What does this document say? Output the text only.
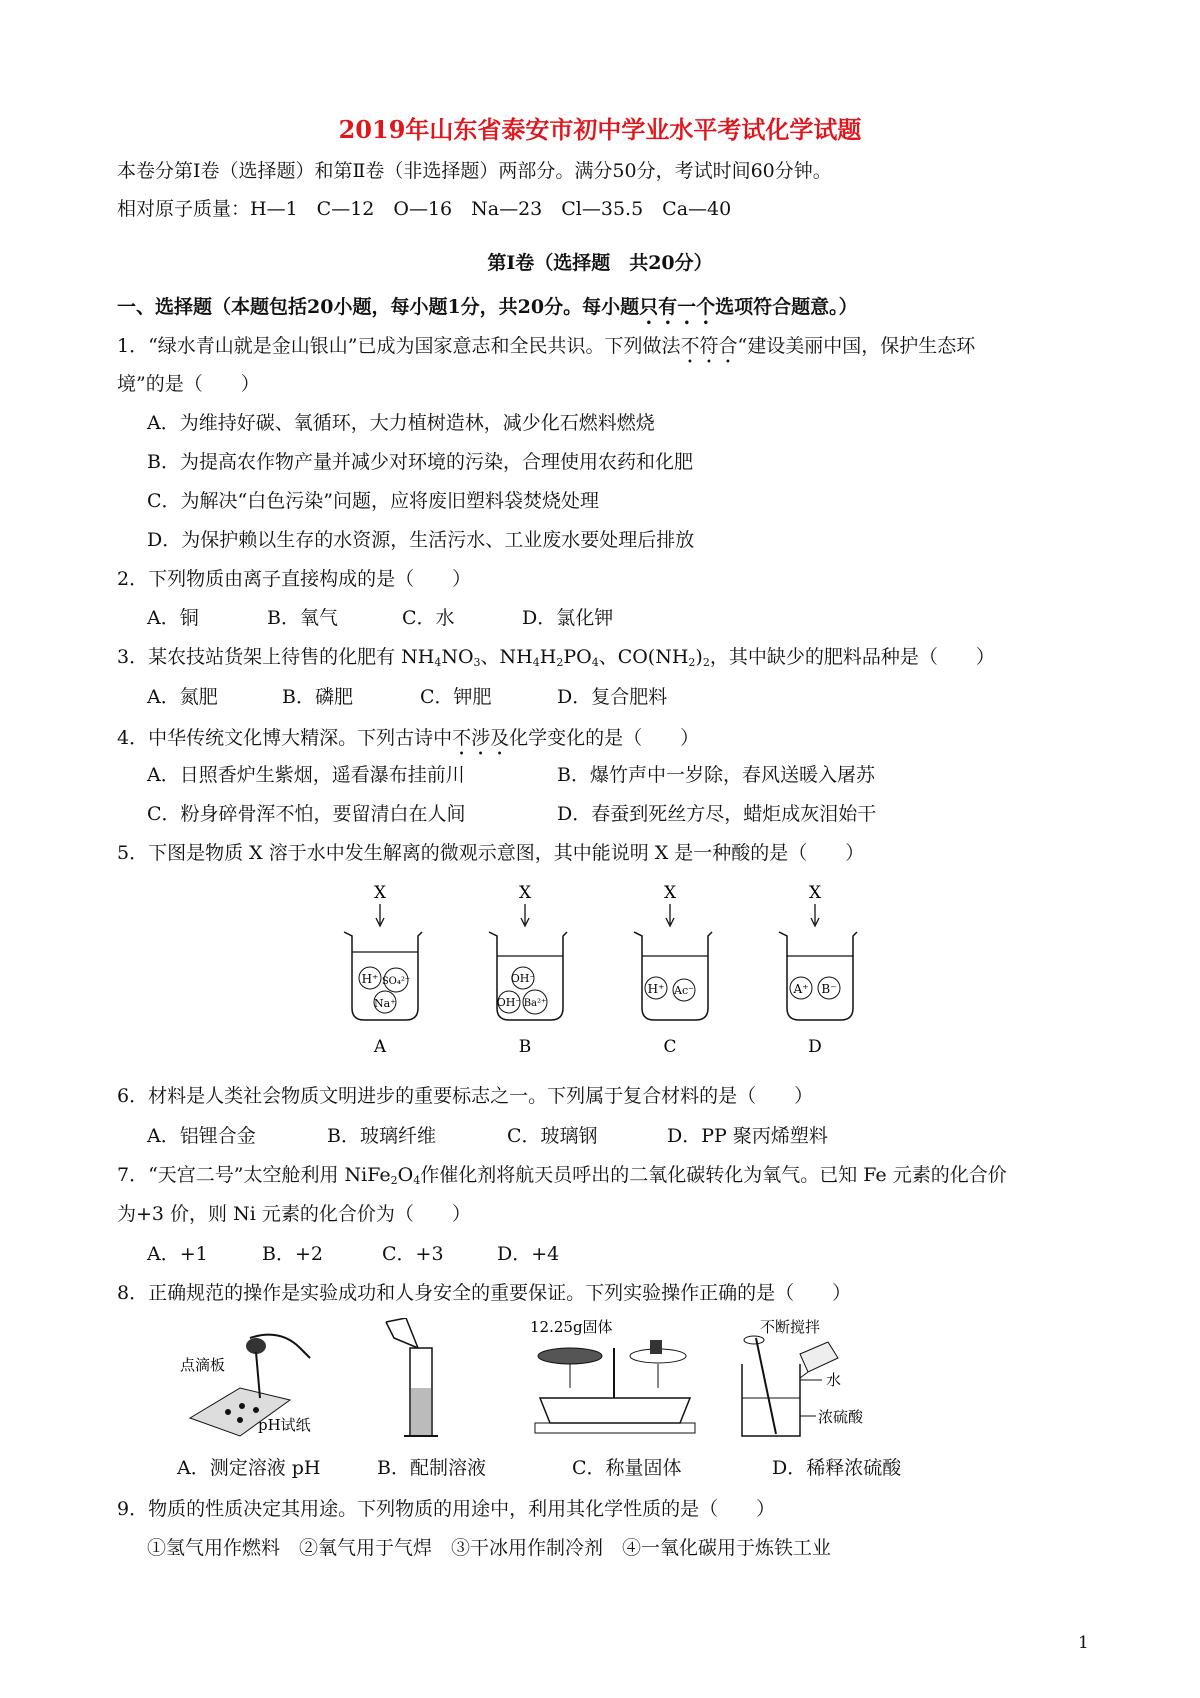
2019年山东省泰安市初中学业水平考试化学试题
本卷分第Ⅰ卷（选择题）和第Ⅱ卷（非选择题）两部分。满分50分，考试时间60分钟。
相对原子质量：H—1　C—12　O—16　Na—23　Cl—35.5　Ca—40
第Ⅰ卷（选择题　共20分）
一、选择题（本题包括20小题，每小题1分，共20分。每小题只有一个选项符合题意。）
1．“绿水青山就是金山银山”已成为国家意志和全民共识。下列做法不符合“建设美丽中国，保护生态环
境”的是（　　）
A．为维持好碳、氧循环，大力植树造林，减少化石燃料燃烧
B．为提高农作物产量并减少对环境的污染，合理使用农药和化肥
C．为解决“白色污染”问题，应将废旧塑料袋焚烧处理
D．为保护赖以生存的水资源，生活污水、工业废水要处理后排放
2．下列物质由离子直接构成的是（　　）
A．铜	B．氧气	C．水	D．氯化钾
3．某农技站货架上待售的化肥有 $NH_4NO_3$、$NH_4H_2PO_4$、$CO(NH_2)_2$，其中缺少的肥料品种是（　　）
A．氮肥	B．磷肥	C．钾肥	D．复合肥料
4．中华传统文化博大精深。下列古诗中不涉及化学变化的是（　　）
A．日照香炉生紫烟，遥看瀑布挂前川	B．爆竹声中一岁除，春风送暖入屠苏
C．粉身碎骨浑不怕，要留清白在人间	D．春蚕到死丝方尽，蜡炬成灰泪始干
5．下图是物质 X 溶于水中发生解离的微观示意图，其中能说明 X 是一种酸的是（　　）
X
H⁺ SO₄²⁻
Na⁺
A
X
OH⁻
OH⁻ Ba²⁺
B
X
H⁺ Ac⁻
C
X
A⁺ B⁻
D
6．材料是人类社会物质文明进步的重要标志之一。下列属于复合材料的是（　　）
A．铝锂合金	B．玻璃纤维	C．玻璃钢	D．PP 聚丙烯塑料
7．“天宫二号”太空舱利用 $NiFe_2O_4$作催化剂将航天员呼出的二氧化碳转化为氧气。已知 Fe 元素的化合价
为+3 价，则 Ni 元素的化合价为（　　）
A．+1	B．+2	C．+3	D．+4
8．正确规范的操作是实验成功和人身安全的重要保证。下列实验操作正确的是（　　）
点滴板
pH试纸
12.25g固体	不断搅拌
水
浓硫酸
A．测定溶液 pH	B．配制溶液	C．称量固体	D．稀释浓硫酸
9．物质的性质决定其用途。下列物质的用途中，利用其化学性质的是（　　）
①氢气用作燃料　②氧气用于气焊　③干冰用作制冷剂　④一氧化碳用于炼铁工业
1
